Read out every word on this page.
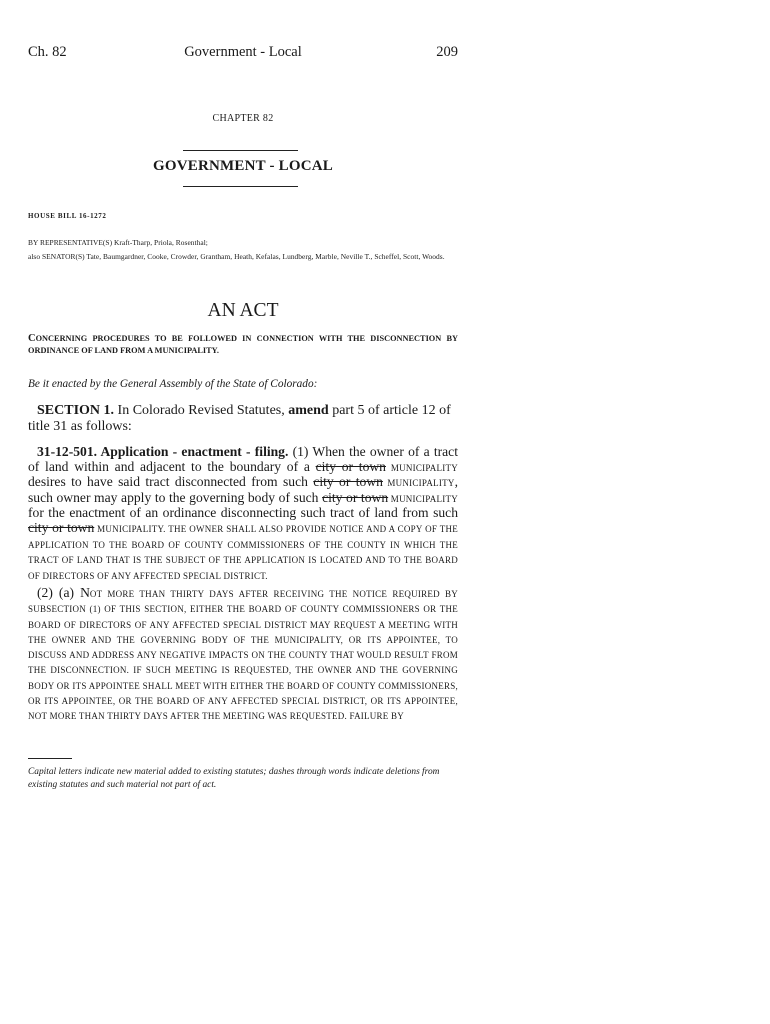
Ch. 82	Government - Local	209
CHAPTER 82
GOVERNMENT - LOCAL
HOUSE BILL 16-1272
BY REPRESENTATIVE(S) Kraft-Tharp, Priola, Rosenthal;
also SENATOR(S) Tate, Baumgardner, Cooke, Crowder, Grantham, Heath, Kefalas, Lundberg, Marble, Neville T., Scheffel, Scott, Woods.
AN ACT
CONCERNING PROCEDURES TO BE FOLLOWED IN CONNECTION WITH THE DISCONNECTION BY ORDINANCE OF LAND FROM A MUNICIPALITY.
Be it enacted by the General Assembly of the State of Colorado:
SECTION 1. In Colorado Revised Statutes, amend part 5 of article 12 of title 31 as follows:
31-12-501. Application - enactment - filing. (1) When the owner of a tract of land within and adjacent to the boundary of a city or town MUNICIPALITY desires to have said tract disconnected from such city or town MUNICIPALITY, such owner may apply to the governing body of such city or town MUNICIPALITY for the enactment of an ordinance disconnecting such tract of land from such city or town MUNICIPALITY. THE OWNER SHALL ALSO PROVIDE NOTICE AND A COPY OF THE APPLICATION TO THE BOARD OF COUNTY COMMISSIONERS OF THE COUNTY IN WHICH THE TRACT OF LAND THAT IS THE SUBJECT OF THE APPLICATION IS LOCATED AND TO THE BOARD OF DIRECTORS OF ANY AFFECTED SPECIAL DISTRICT.
(2) (a) NOT MORE THAN THIRTY DAYS AFTER RECEIVING THE NOTICE REQUIRED BY SUBSECTION (1) OF THIS SECTION, EITHER THE BOARD OF COUNTY COMMISSIONERS OR THE BOARD OF DIRECTORS OF ANY AFFECTED SPECIAL DISTRICT MAY REQUEST A MEETING WITH THE OWNER AND THE GOVERNING BODY OF THE MUNICIPALITY, OR ITS APPOINTEE, TO DISCUSS AND ADDRESS ANY NEGATIVE IMPACTS ON THE COUNTY THAT WOULD RESULT FROM THE DISCONNECTION. IF SUCH MEETING IS REQUESTED, THE OWNER AND THE GOVERNING BODY OR ITS APPOINTEE SHALL MEET WITH EITHER THE BOARD OF COUNTY COMMISSIONERS, OR ITS APPOINTEE, OR THE BOARD OF ANY AFFECTED SPECIAL DISTRICT, OR ITS APPOINTEE, NOT MORE THAN THIRTY DAYS AFTER THE MEETING WAS REQUESTED. FAILURE BY
Capital letters indicate new material added to existing statutes; dashes through words indicate deletions from existing statutes and such material not part of act.
